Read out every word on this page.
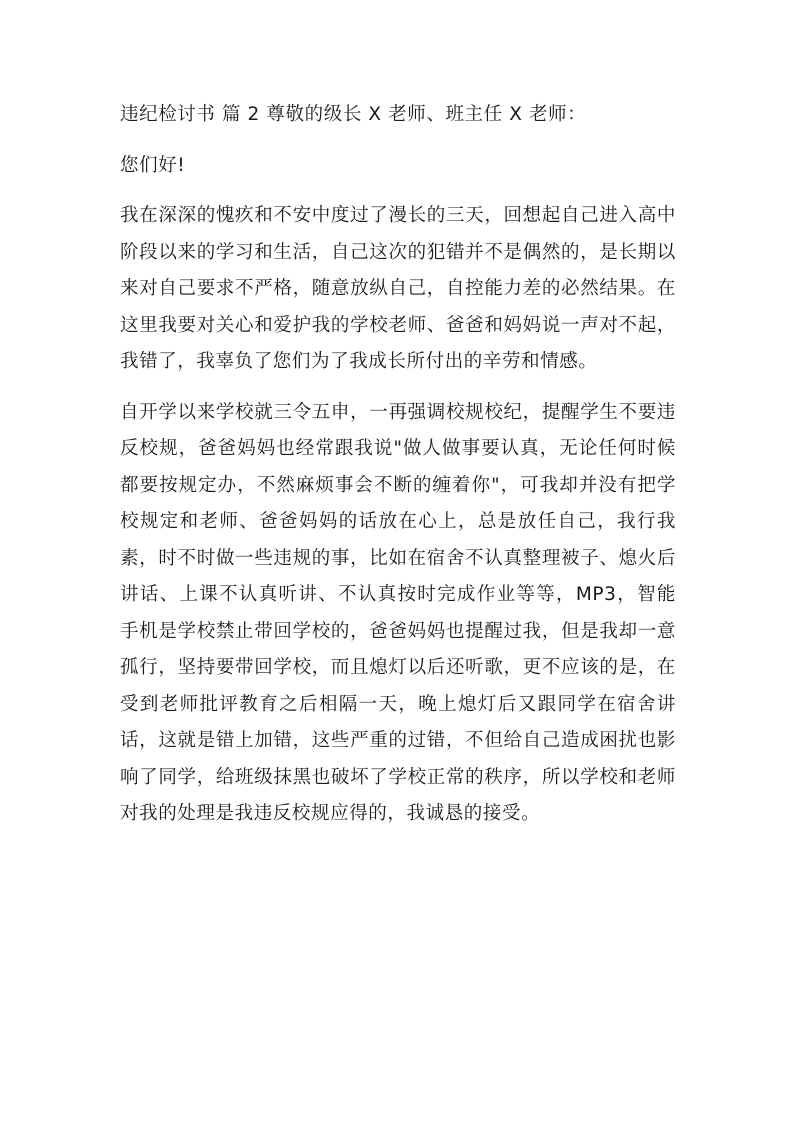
违纪检讨书 篇 2 尊敬的级长 X 老师、班主任 X 老师：

您们好!

我在深深的愧疚和不安中度过了漫长的三天，回想起自己进入高中阶段以来的学习和生活，自己这次的犯错并不是偶然的，是长期以来对自己要求不严格，随意放纵自己，自控能力差的必然结果。在这里我要对关心和爱护我的学校老师、爸爸和妈妈说一声对不起，我错了，我辜负了您们为了我成长所付出的辛劳和情感。

自开学以来学校就三令五申，一再强调校规校纪，提醒学生不要违反校规，爸爸妈妈也经常跟我说"做人做事要认真，无论任何时候都要按规定办，不然麻烦事会不断的缠着你"，可我却并没有把学校规定和老师、爸爸妈妈的话放在心上，总是放任自己，我行我素，时不时做一些违规的事，比如在宿舍不认真整理被子、熄火后讲话、上课不认真听讲、不认真按时完成作业等等，MP3，智能手机是学校禁止带回学校的，爸爸妈妈也提醒过我，但是我却一意孤行，坚持要带回学校，而且熄灯以后还听歌，更不应该的是，在受到老师批评教育之后相隔一天，晚上熄灯后又跟同学在宿舍讲话，这就是错上加错，这些严重的过错，不但给自己造成困扰也影响了同学，给班级抹黑也破坏了学校正常的秩序，所以学校和老师对我的处理是我违反校规应得的，我诚恳的接受。
